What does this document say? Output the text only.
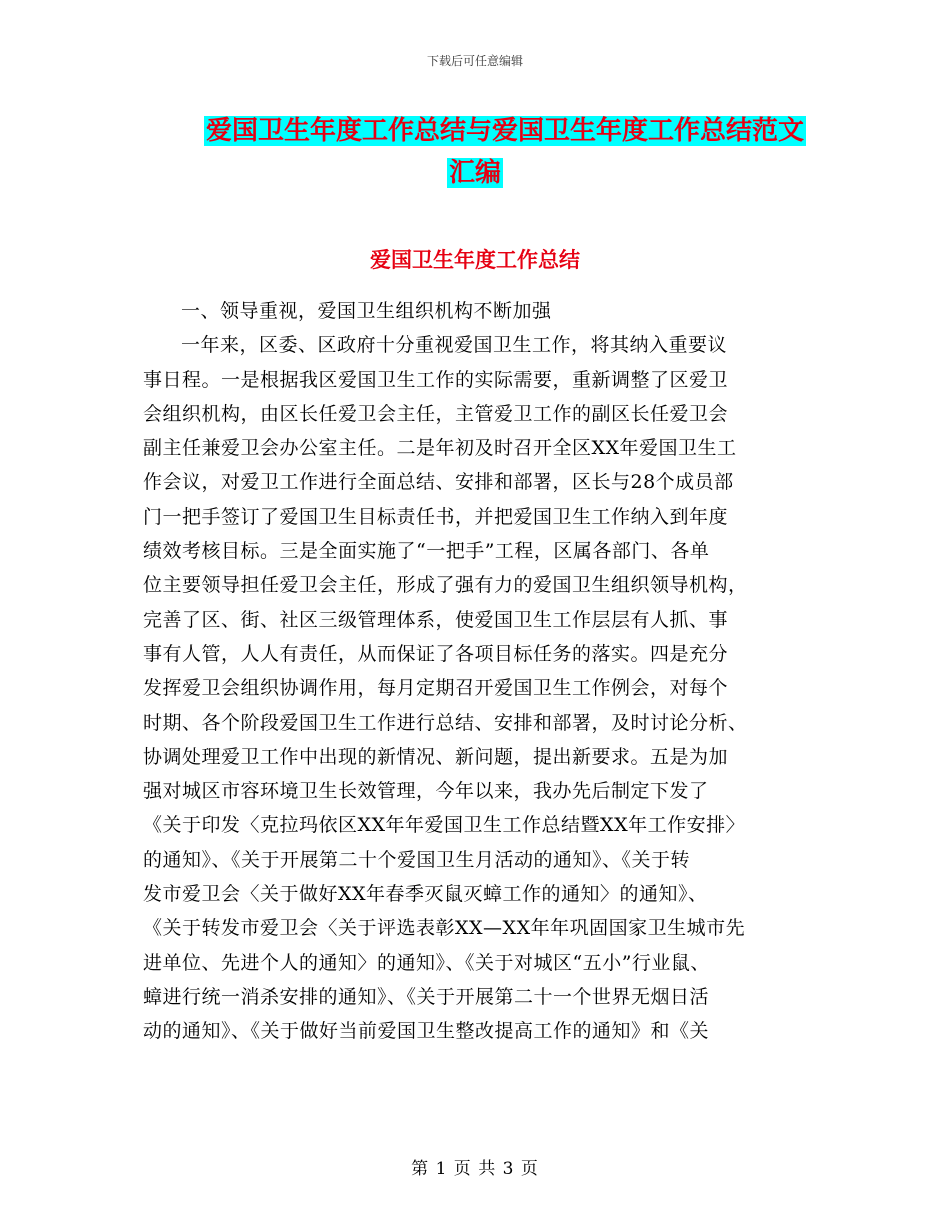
下载后可任意编辑
爱国卫生年度工作总结与爱国卫生年度工作总结范文
汇编
爱国卫生年度工作总结

一、领导重视，爱国卫生组织机构不断加强

一年来，区委、区政府十分重视爱国卫生工作，将其纳入重要议
事日程。一是根据我区爱国卫生工作的实际需要，重新调整了区爱卫
会组织机构，由区长任爱卫会主任，主管爱卫工作的副区长任爱卫会
副主任兼爱卫会办公室主任。二是年初及时召开全区XX年爱国卫生工
作会议，对爱卫工作进行全面总结、安排和部署，区长与28个成员部
门一把手签订了爱国卫生目标责任书，并把爱国卫生工作纳入到年度
绩效考核目标。三是全面实施了“一把手”工程，区属各部门、各单
位主要领导担任爱卫会主任，形成了强有力的爱国卫生组织领导机构，
完善了区、街、社区三级管理体系，使爱国卫生工作层层有人抓、事
事有人管，人人有责任，从而保证了各项目标任务的落实。四是充分
发挥爱卫会组织协调作用，每月定期召开爱国卫生工作例会，对每个
时期、各个阶段爱国卫生工作进行总结、安排和部署，及时讨论分析、
协调处理爱卫工作中出现的新情况、新问题，提出新要求。五是为加
强对城区市容环境卫生长效管理，今年以来，我办先后制定下发了
《关于印发〈克拉玛依区XX年年爱国卫生工作总结暨XX年工作安排〉
的通知》、《关于开展第二十个爱国卫生月活动的通知》、《关于转
发市爱卫会〈关于做好XX年春季灭鼠灭蟑工作的通知〉的通知》、
《关于转发市爱卫会〈关于评选表彰XX—XX年年巩固国家卫生城市先
进单位、先进个人的通知〉的通知》、《关于对城区“五小”行业鼠、
蟑进行统一消杀安排的通知》、《关于开展第二十一个世界无烟日活
动的通知》、《关于做好当前爱国卫生整改提高工作的通知》和《关

第 1 页 共 3 页
